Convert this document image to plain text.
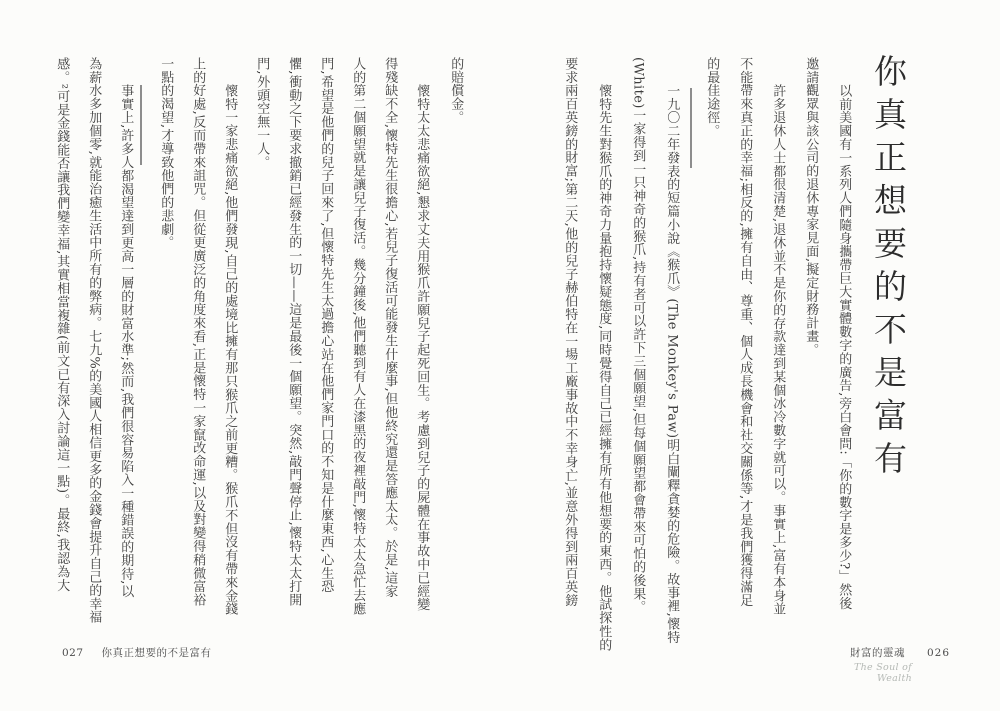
你真正想要的不是富有
以前美國有一系列人們隨身攜帶巨大實體數字的廣告,旁白會問:「你的數字是多少?」然後
邀請觀眾與該公司的退休專家見面,擬定財務計畫。
許多退休人士都很清楚,退休並不是你的存款達到某個冰冷數字就可以。事實上,富有本身並
不能帶來真正的幸福;相反的,擁有自由、尊重、個人成長機會和社交關係等,才是我們獲得滿足
的最佳途徑。
一九〇二年發表的短篇小說《猴爪》(The Monkey's Paw)明白闡釋貪婪的危險。故事裡,懷特
(White)一家得到一只神奇的猴爪,持有者可以許下三個願望,但每個願望都會帶來可怕的後果。
懷特先生對猴爪的神奇力量抱持懷疑態度,同時覺得自己已經擁有所有他想要的東西。他試探性的
要求兩百英鎊的財富;第二天,他的兒子赫伯特在一場工廠事故中不幸身亡,並意外得到兩百英鎊
的賠償金。
懷特太太悲痛欲絕,懇求丈夫用猴爪許願兒子起死回生。考慮到兒子的屍體在事故中已經變
得殘缺不全,懷特先生很擔心,若兒子復活可能發生什麼事,但他終究還是答應太太。於是,這家
人的第二個願望就是讓兒子復活。幾分鐘後,他們聽到有人在漆黑的夜裡敲門,懷特太太急忙去應
門,希望是他們的兒子回來了,但懷特先生太過擔心站在他們家門口的不知是什麼東西,心生恐
懼,衝動之下要求撤銷已經發生的一切——這是最後一個願望。突然,敲門聲停止,懷特太太打開
門,外頭空無一人。
懷特一家悲痛欲絕,他們發現,自己的處境比擁有那只猴爪之前更糟。猴爪不但沒有帶來金錢
上的好處,反而帶來詛咒。但從更廣泛的角度來看,正是懷特一家竄改命運,以及對變得稍微富裕
一點的渴望,才導致他們的悲劇。
事實上,許多人都渴望達到更高一層的財富水準;然而,我們很容易陷入一種錯誤的期待,以
為薪水多加個零,就能治癒生活中所有的弊病。七九%的美國人相信更多的金錢會提升自己的幸福
感。²可是金錢能否讓我們變幸福,其實相當複雜(前文已有深入討論這一點)。最終,我認為大
027 你真正想要的不是富有	財富的靈魂 026
The Soul of Wealth
